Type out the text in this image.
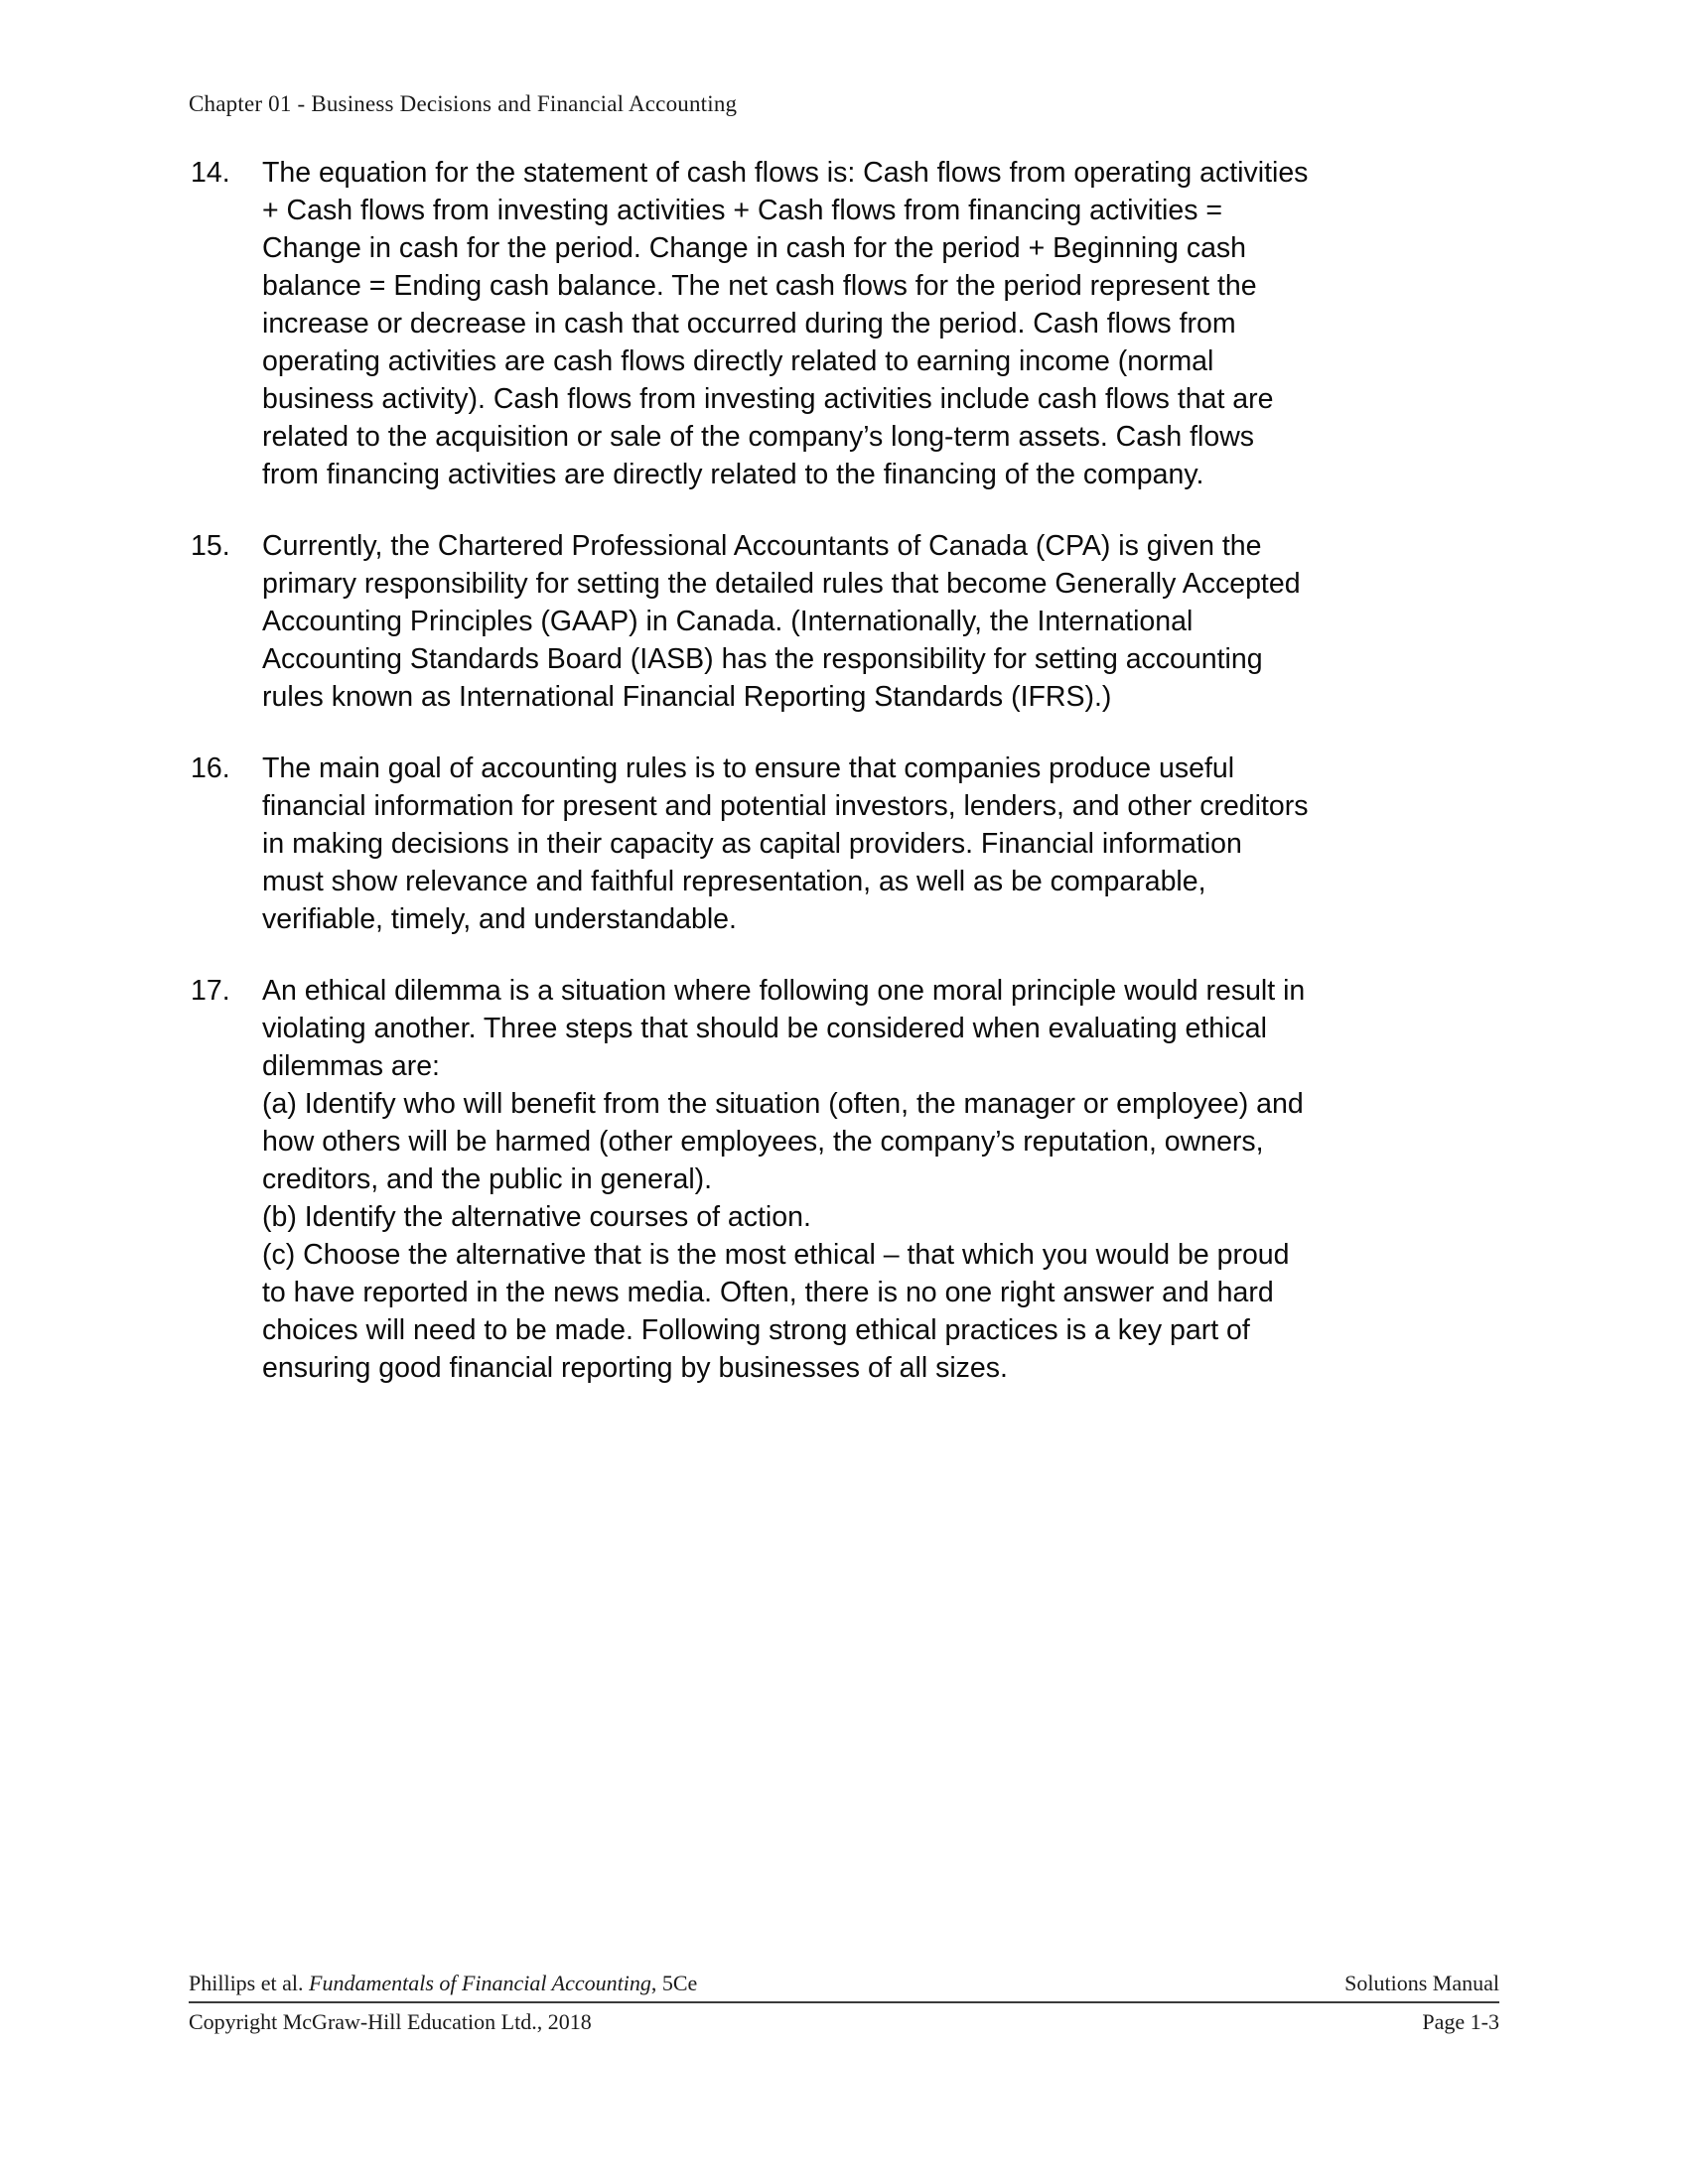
Chapter 01 - Business Decisions and Financial Accounting
14.	The equation for the statement of cash flows is: Cash flows from operating activities + Cash flows from investing activities + Cash flows from financing activities = Change in cash for the period. Change in cash for the period + Beginning cash balance = Ending cash balance. The net cash flows for the period represent the increase or decrease in cash that occurred during the period. Cash flows from operating activities are cash flows directly related to earning income (normal business activity). Cash flows from investing activities include cash flows that are related to the acquisition or sale of the company’s long-term assets. Cash flows from financing activities are directly related to the financing of the company.

15.	Currently, the Chartered Professional Accountants of Canada (CPA) is given the primary responsibility for setting the detailed rules that become Generally Accepted Accounting Principles (GAAP) in Canada. (Internationally, the International Accounting Standards Board (IASB) has the responsibility for setting accounting rules known as International Financial Reporting Standards (IFRS).)

16.	The main goal of accounting rules is to ensure that companies produce useful financial information for present and potential investors, lenders, and other creditors in making decisions in their capacity as capital providers. Financial information must show relevance and faithful representation, as well as be comparable, verifiable, timely, and understandable.

17.	An ethical dilemma is a situation where following one moral principle would result in violating another. Three steps that should be considered when evaluating ethical dilemmas are:

(a) Identify who will benefit from the situation (often, the manager or employee) and how others will be harmed (other employees, the company’s reputation, owners, creditors, and the public in general).

(b) Identify the alternative courses of action.

(c) Choose the alternative that is the most ethical – that which you would be proud to have reported in the news media. Often, there is no one right answer and hard choices will need to be made. Following strong ethical practices is a key part of ensuring good financial reporting by businesses of all sizes.

Phillips et al. Fundamentals of Financial Accounting, 5Ce	Solutions Manual
Copyright McGraw-Hill Education Ltd., 2018	Page 1-3
